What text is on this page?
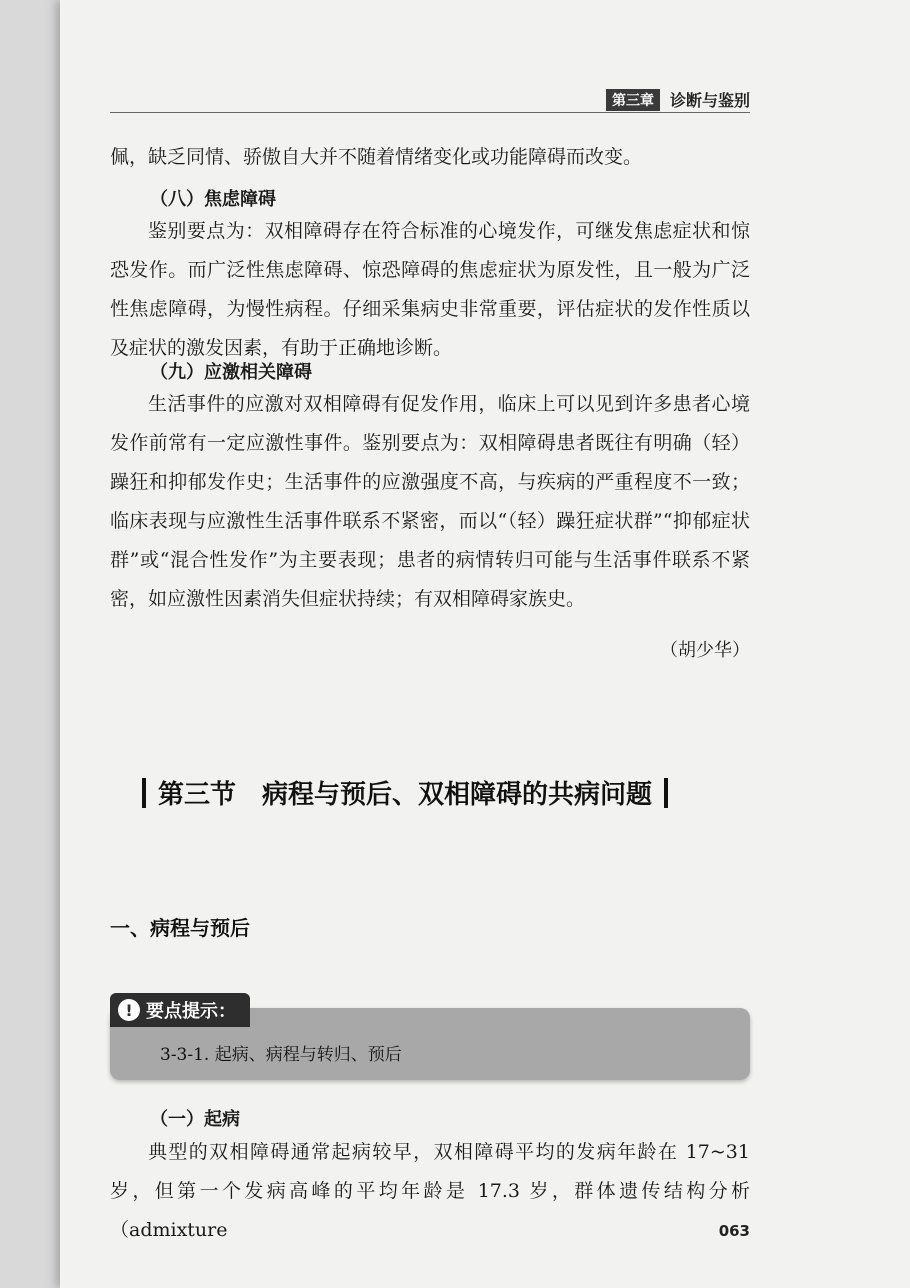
第三章	诊断与鉴别

佩，缺乏同情、骄傲自大并不随着情绪变化或功能障碍而改变。

（八）焦虑障碍

鉴别要点为：双相障碍存在符合标准的心境发作，可继发焦虑症状和惊恐发作。而广泛性焦虑障碍、惊恐障碍的焦虑症状为原发性，且一般为广泛性焦虑障碍，为慢性病程。仔细采集病史非常重要，评估症状的发作性质以及症状的激发因素，有助于正确地诊断。

（九）应激相关障碍

生活事件的应激对双相障碍有促发作用，临床上可以见到许多患者心境发作前常有一定应激性事件。鉴别要点为：双相障碍患者既往有明确（轻）躁狂和抑郁发作史；生活事件的应激强度不高，与疾病的严重程度不一致；临床表现与应激性生活事件联系不紧密，而以“（轻）躁狂症状群”“抑郁症状群”或“混合性发作”为主要表现；患者的病情转归可能与生活事件联系不紧密，如应激性因素消失但症状持续；有双相障碍家族史。

（胡少华）
第三节　病程与预后、双相障碍的共病问题
一、病程与预后
! 要点提示：
3-3-1. 起病、病程与转归、预后
（一）起病

典型的双相障碍通常起病较早，双相障碍平均的发病年龄在 17~31 岁，但第一个发病高峰的平均年龄是 17.3 岁，群体遗传结构分析（admixture	063
